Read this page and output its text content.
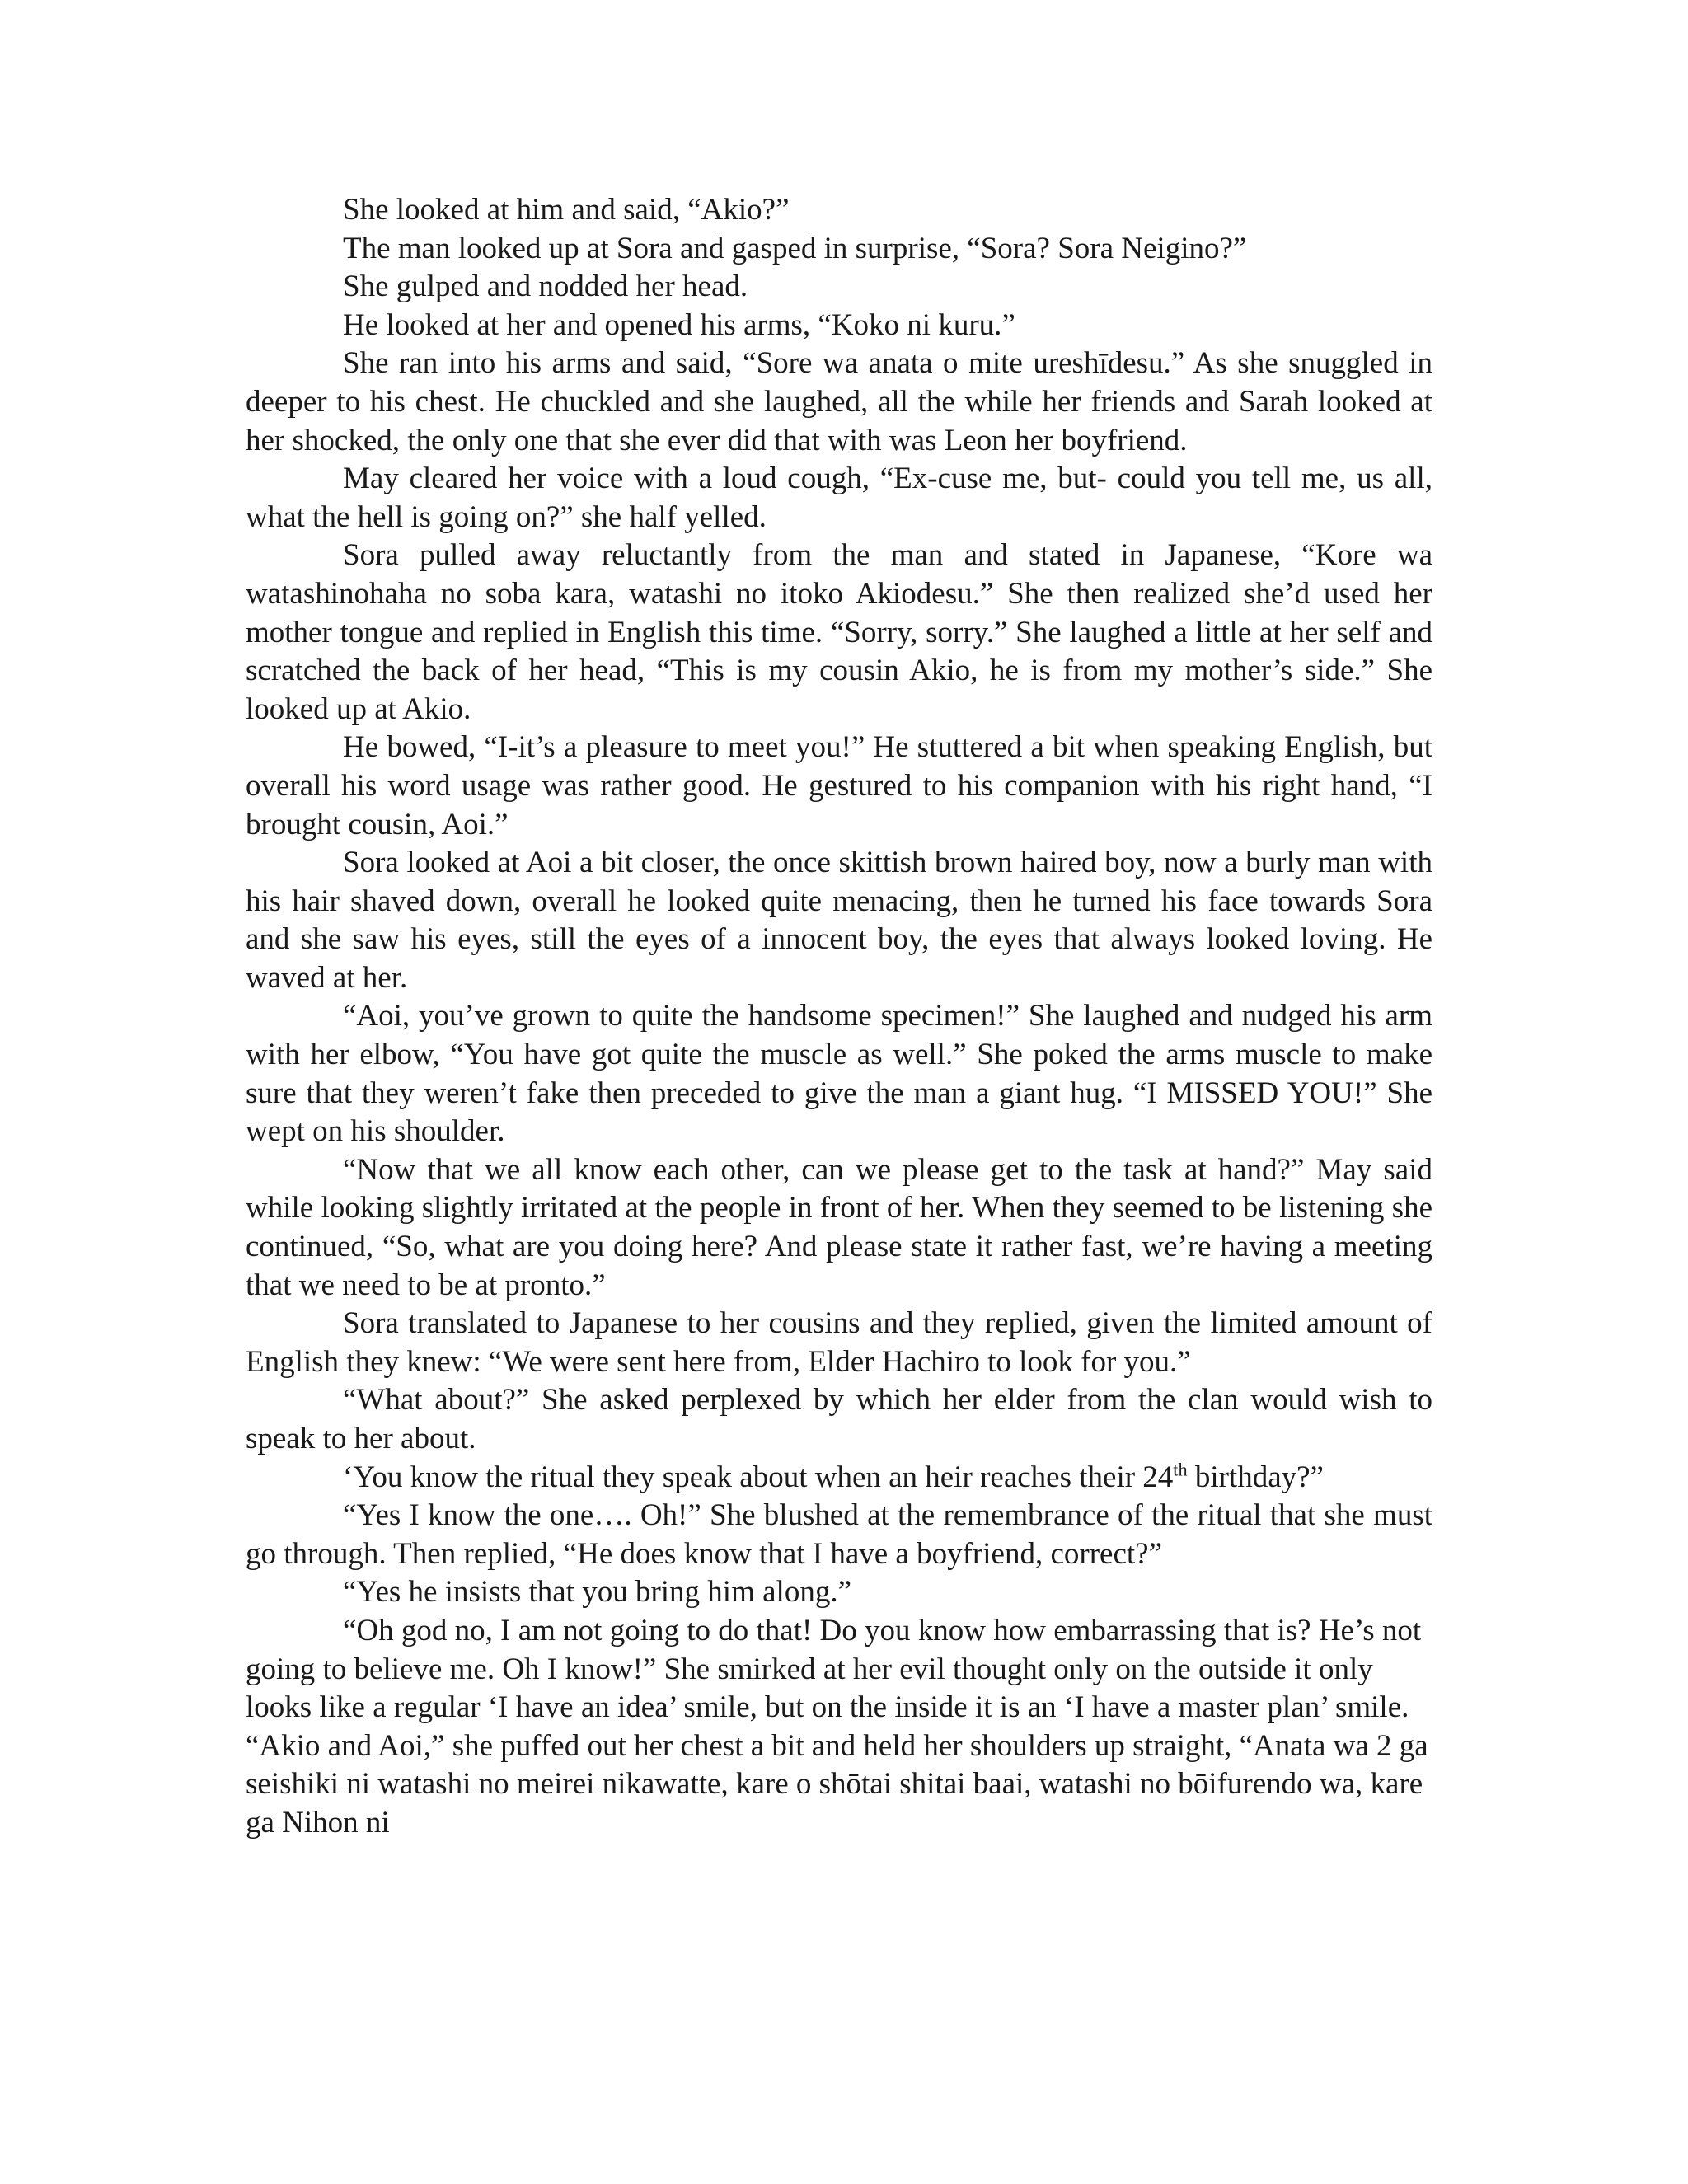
She looked at him and said, “Akio?”

The man looked up at Sora and gasped in surprise, “Sora? Sora Neigino?”

She gulped and nodded her head.

He looked at her and opened his arms, “Koko ni kuru.”

She ran into his arms and said, “Sore wa anata o mite ureshīdesu.” As she snuggled in deeper to his chest. He chuckled and she laughed, all the while her friends and Sarah looked at her shocked, the only one that she ever did that with was Leon her boyfriend.

May cleared her voice with a loud cough, “Ex-cuse me, but- could you tell me, us all, what the hell is going on?” she half yelled.

Sora pulled away reluctantly from the man and stated in Japanese, “Kore wa watashinohaha no soba kara, watashi no itoko Akiodesu.” She then realized she’d used her mother tongue and replied in English this time. “Sorry, sorry.” She laughed a little at her self and scratched the back of her head, “This is my cousin Akio, he is from my mother’s side.” She looked up at Akio.

He bowed, “I-it’s a pleasure to meet you!” He stuttered a bit when speaking English, but overall his word usage was rather good. He gestured to his companion with his right hand, “I brought cousin, Aoi.”

Sora looked at Aoi a bit closer, the once skittish brown haired boy, now a burly man with his hair shaved down, overall he looked quite menacing, then he turned his face towards Sora and she saw his eyes, still the eyes of a innocent boy, the eyes that always looked loving. He waved at her.

“Aoi, you’ve grown to quite the handsome specimen!” She laughed and nudged his arm with her elbow, “You have got quite the muscle as well.” She poked the arms muscle to make sure that they weren’t fake then preceded to give the man a giant hug. “I MISSED YOU!” She wept on his shoulder.

“Now that we all know each other, can we please get to the task at hand?” May said while looking slightly irritated at the people in front of her. When they seemed to be listening she continued, “So, what are you doing here? And please state it rather fast, we’re having a meeting that we need to be at pronto.”

Sora translated to Japanese to her cousins and they replied, given the limited amount of English they knew: “We were sent here from, Elder Hachiro to look for you.”

“What about?” She asked perplexed by which her elder from the clan would wish to speak to her about.

‘You know the ritual they speak about when an heir reaches their 24th birthday?”

“Yes I know the one…. Oh!” She blushed at the remembrance of the ritual that she must go through. Then replied, “He does know that I have a boyfriend, correct?”

“Yes he insists that you bring him along.”

“Oh god no, I am not going to do that! Do you know how embarrassing that is? He’s not going to believe me. Oh I know!” She smirked at her evil thought only on the outside it only looks like a regular ‘I have an idea’ smile, but on the inside it is an ‘I have a master plan’ smile. “Akio and Aoi,” she puffed out her chest a bit and held her shoulders up straight, “Anata wa 2 ga seishiki ni watashi no meirei nikawatte, kare o shōtai shitai baai, watashi no bōifurendo wa, kare ga Nihon ni
